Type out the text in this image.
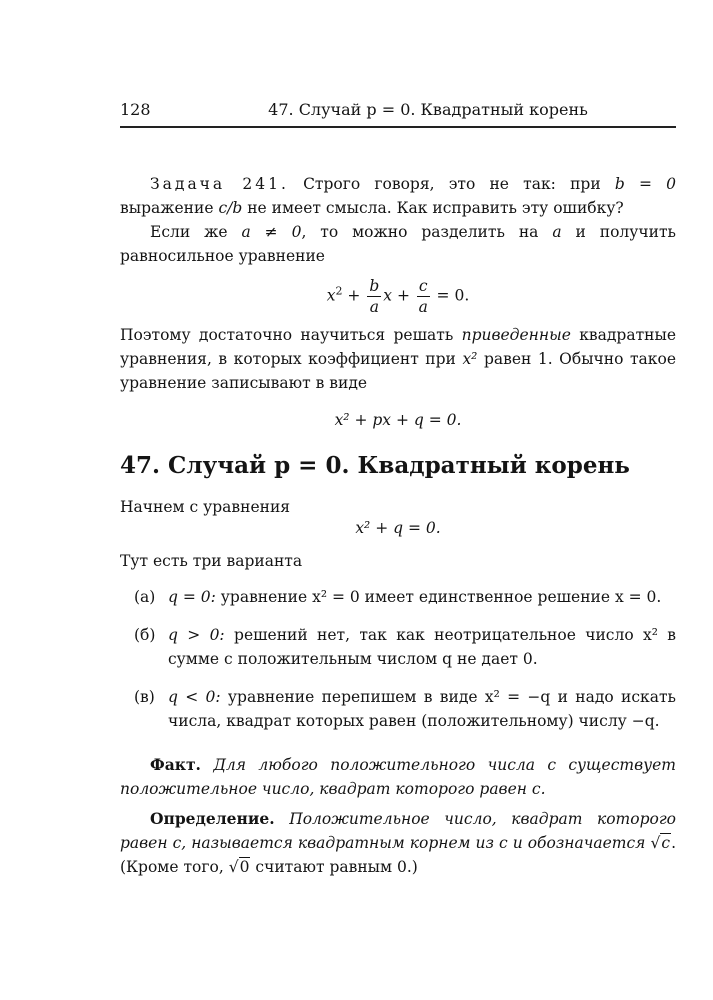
128	47. Случай p = 0. Квадратный корень

Задача 241. Строго говоря, это не так: при b = 0 выражение c/b не имеет смысла. Как исправить эту ошибку?

Если же a ≠ 0, то можно разделить на a и получить равносильное уравнение

$x^2 + \frac{b}{a}$ $x + \frac{c}{a} = 0$.

Поэтому достаточно научиться решать приведенные квадратные уравнения, в которых коэффициент при x² равен 1. Обычно такое уравнение записывают в виде

x² + px + q = 0.
47. Случай p = 0. Квадратный корень

Начнем с уравнения

x² + q = 0.

Тут есть три варианта

(а) q = 0: уравнение x² = 0 имеет единственное решение x = 0.

(б) q > 0: решений нет, так как неотрицательное число x² в сумме с положительным числом q не дает 0.

(в) q < 0: уравнение перепишем в виде x² = −q и надо искать числа, квадрат которых равен (положительному) числу −q.

Факт. Для любого положительного числа c существует положительное число, квадрат которого равен c.

Определение. Положительное число, квадрат которого равен c, называется квадратным корнем из c и обозначается √c. (Кроме того, √0 считают равным 0.)
